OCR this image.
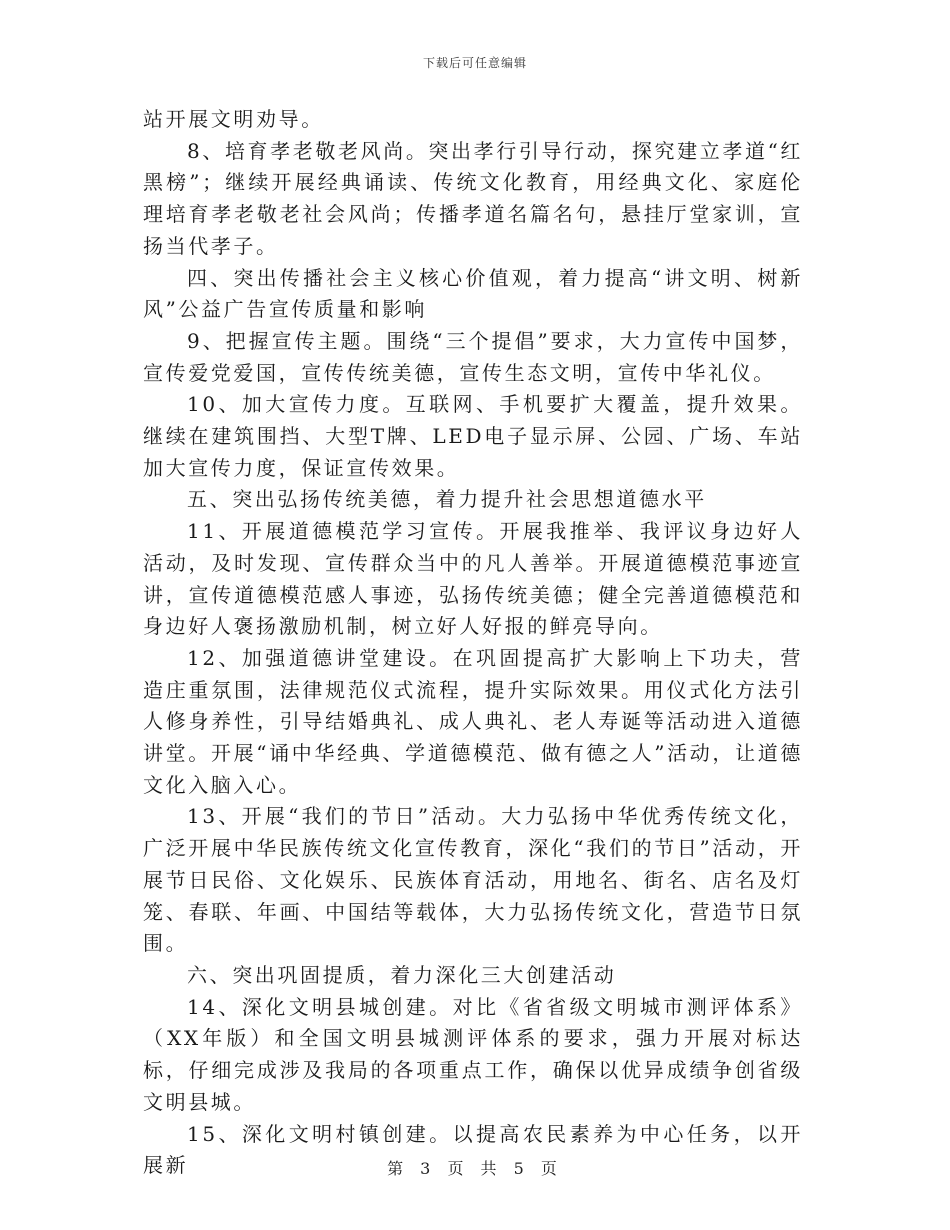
下载后可任意编辑

站开展文明劝导。

8、培育孝老敬老风尚。突出孝行引导行动，探究建立孝道“红黑榜”；继续开展经典诵读、传统文化教育，用经典文化、家庭伦理培育孝老敬老社会风尚；传播孝道名篇名句，悬挂厅堂家训，宣扬当代孝子。

四、突出传播社会主义核心价值观，着力提高“讲文明、树新风”公益广告宣传质量和影响

9、把握宣传主题。围绕“三个提倡”要求，大力宣传中国梦，宣传爱党爱国，宣传传统美德，宣传生态文明，宣传中华礼仪。

10、加大宣传力度。互联网、手机要扩大覆盖，提升效果。继续在建筑围挡、大型T牌、LED电子显示屏、公园、广场、车站加大宣传力度，保证宣传效果。

五、突出弘扬传统美德，着力提升社会思想道德水平

11、开展道德模范学习宣传。开展我推举、我评议身边好人活动，及时发现、宣传群众当中的凡人善举。开展道德模范事迹宣讲，宣传道德模范感人事迹，弘扬传统美德；健全完善道德模范和身边好人褒扬激励机制，树立好人好报的鲜亮导向。

12、加强道德讲堂建设。在巩固提高扩大影响上下功夫，营造庄重氛围，法律规范仪式流程，提升实际效果。用仪式化方法引人修身养性，引导结婚典礼、成人典礼、老人寿诞等活动进入道德讲堂。开展“诵中华经典、学道德模范、做有德之人”活动，让道德文化入脑入心。

13、开展“我们的节日”活动。大力弘扬中华优秀传统文化，广泛开展中华民族传统文化宣传教育，深化“我们的节日”活动，开展节日民俗、文化娱乐、民族体育活动，用地名、街名、店名及灯笼、春联、年画、中国结等载体，大力弘扬传统文化，营造节日氛围。

六、突出巩固提质，着力深化三大创建活动

14、深化文明县城创建。对比《省省级文明城市测评体系》（XX年版）和全国文明县城测评体系的要求，强力开展对标达标，仔细完成涉及我局的各项重点工作，确保以优异成绩争创省级文明县城。

15、深化文明村镇创建。以提高农民素养为中心任务，以开展新	第 3 页 共 5 页
